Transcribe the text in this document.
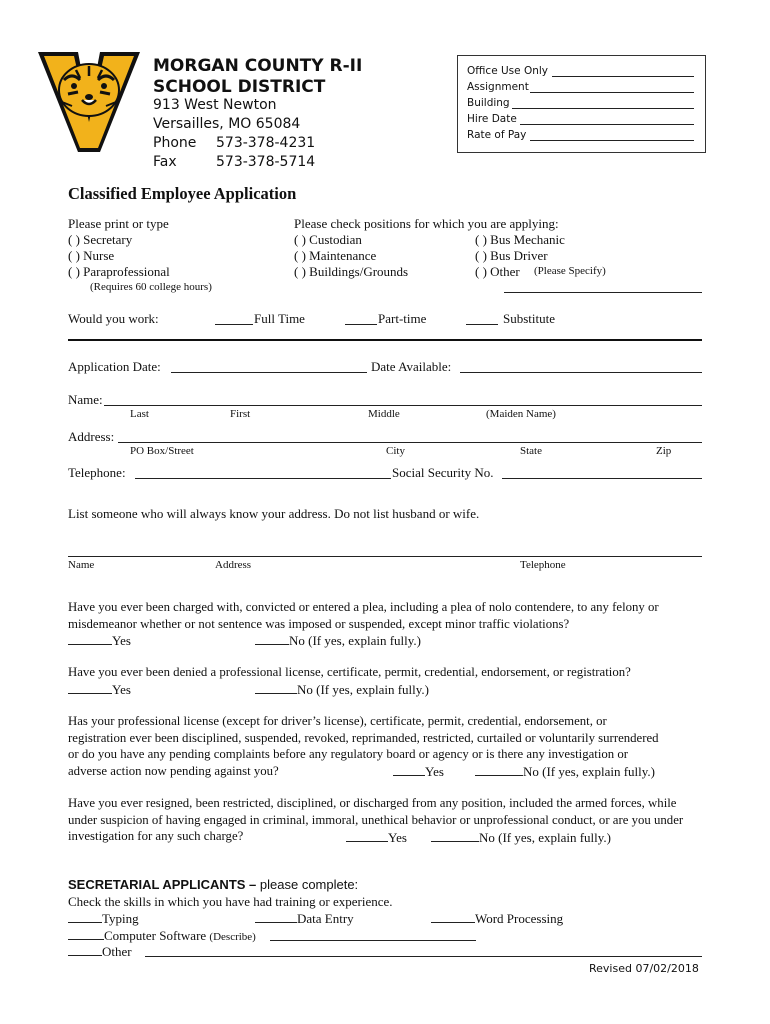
MORGAN COUNTY R-II
SCHOOL DISTRICT
913 West Newton
Versailles, MO 65084
Phone 573-378-4231
Fax	573-378-5714
Office Use Only
Assignment
Building
Hire Date
Rate of Pay
Classified Employee Application
Please print or type	Please check positions for which you are applying:
( ) Secretary
( ) Nurse
( ) Paraprofessional
(Requires 60 college hours)
( ) Custodian
( ) Maintenance
( ) Buildings/Grounds
( ) Bus Mechanic
( ) Bus Driver
( ) Other (Please Specify)
Would you work:	Full Time	Part-time	Substitute
Application Date:	Date Available:
Name:
Last	First	Middle	(Maiden Name)
Address:
PO Box/Street	City	State	Zip
Telephone:	Social Security No.
List someone who will always know your address. Do not list husband or wife.
Name	Address	Telephone
Have you ever been charged with, convicted or entered a plea, including a plea of nolo contendere, to any felony or misdemeanor whether or not sentence was imposed or suspended, except minor traffic violations?
Yes	No (If yes, explain fully.)
Have you ever been denied a professional license, certificate, permit, credential, endorsement, or registration?
Yes	No (If yes, explain fully.)
Has your professional license (except for driver’s license), certificate, permit, credential, endorsement, or registration ever been disciplined, suspended, revoked, reprimanded, restricted, curtailed or voluntarily surrendered or do you have any pending complaints before any regulatory board or agency or is there any investigation or adverse action now pending against you?	Yes	No (If yes, explain fully.)
Have you ever resigned, been restricted, disciplined, or discharged from any position, included the armed forces, while under suspicion of having engaged in criminal, immoral, unethical behavior or unprofessional conduct, or are you under investigation for any such charge?	Yes	No (If yes, explain fully.)
SECRETARIAL APPLICANTS – please complete:
Check the skills in which you have had training or experience.
Typing	Data Entry	Word Processing
Computer Software (Describe)
Other
Revised 07/02/2018
